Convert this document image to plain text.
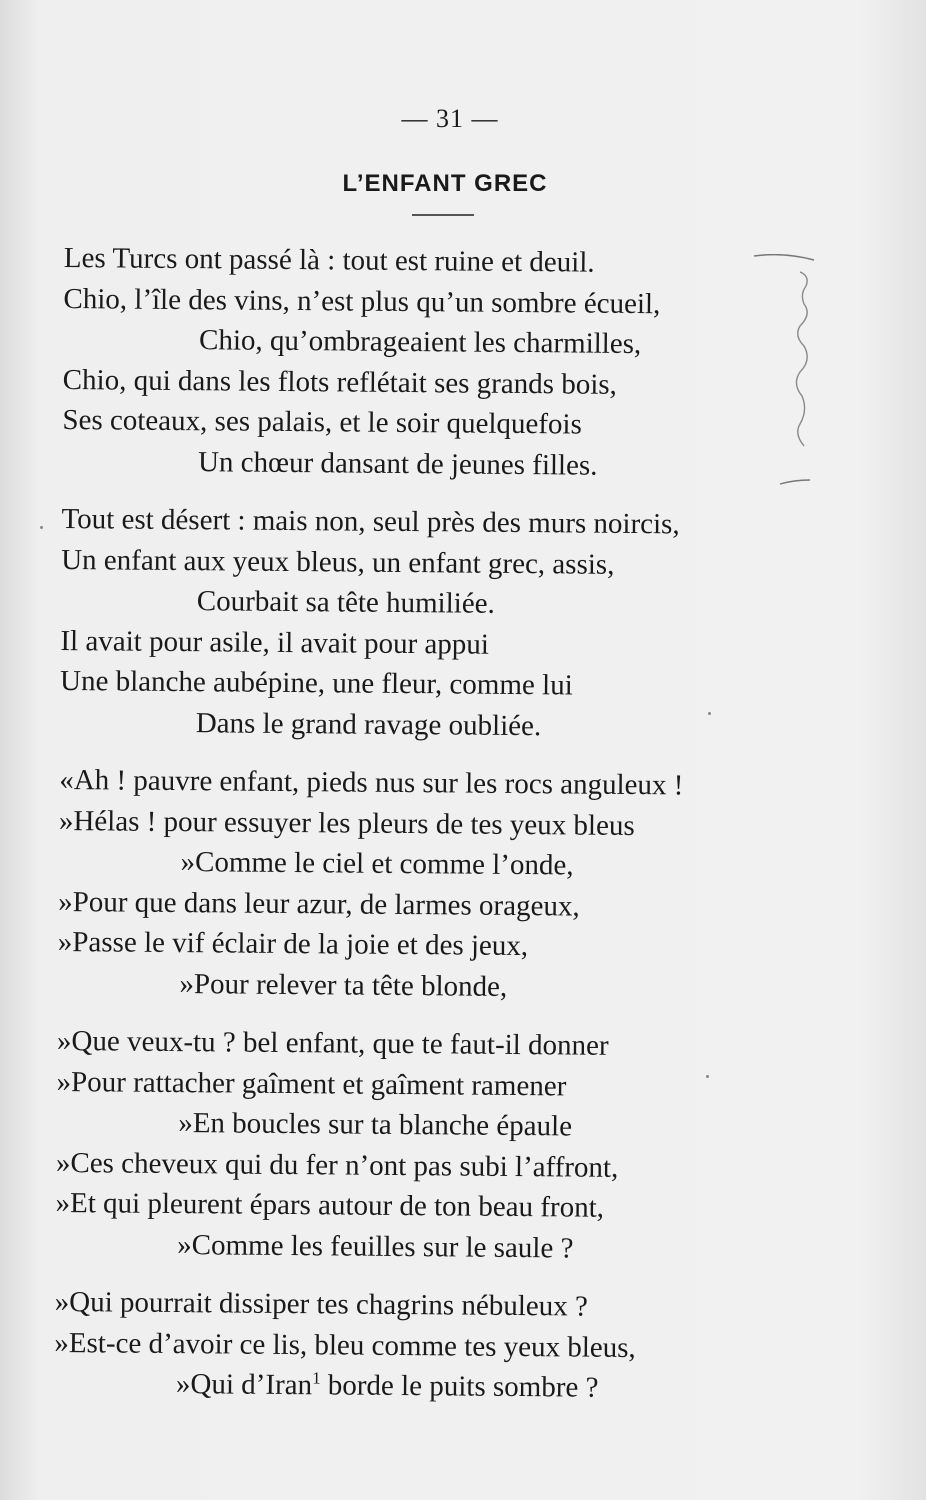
— 31 —
L’ENFANT GREC
Les Turcs ont passé là : tout est ruine et deuil.
Chio, l’île des vins, n’est plus qu’un sombre écueil,
Chio, qu’ombrageaient les charmilles,
Chio, qui dans les flots reflétait ses grands bois,
Ses coteaux, ses palais, et le soir quelquefois
Un chœur dansant de jeunes filles.
Tout est désert : mais non, seul près des murs noircis,
Un enfant aux yeux bleus, un enfant grec, assis,
Courbait sa tête humiliée.
Il avait pour asile, il avait pour appui
Une blanche aubépine, une fleur, comme lui
Dans le grand ravage oubliée.
«Ah ! pauvre enfant, pieds nus sur les rocs anguleux !
»Hélas ! pour essuyer les pleurs de tes yeux bleus
»Comme le ciel et comme l’onde,
»Pour que dans leur azur, de larmes orageux,
»Passe le vif éclair de la joie et des jeux,
»Pour relever ta tête blonde,
»Que veux-tu ? bel enfant, que te faut-il donner
»Pour rattacher gaîment et gaîment ramener
»En boucles sur ta blanche épaule
»Ces cheveux qui du fer n’ont pas subi l’affront,
»Et qui pleurent épars autour de ton beau front,
»Comme les feuilles sur le saule ?
»Qui pourrait dissiper tes chagrins nébuleux ?
»Est-ce d’avoir ce lis, bleu comme tes yeux bleus,
»Qui d’Iran$^1$ borde le puits sombre ?
